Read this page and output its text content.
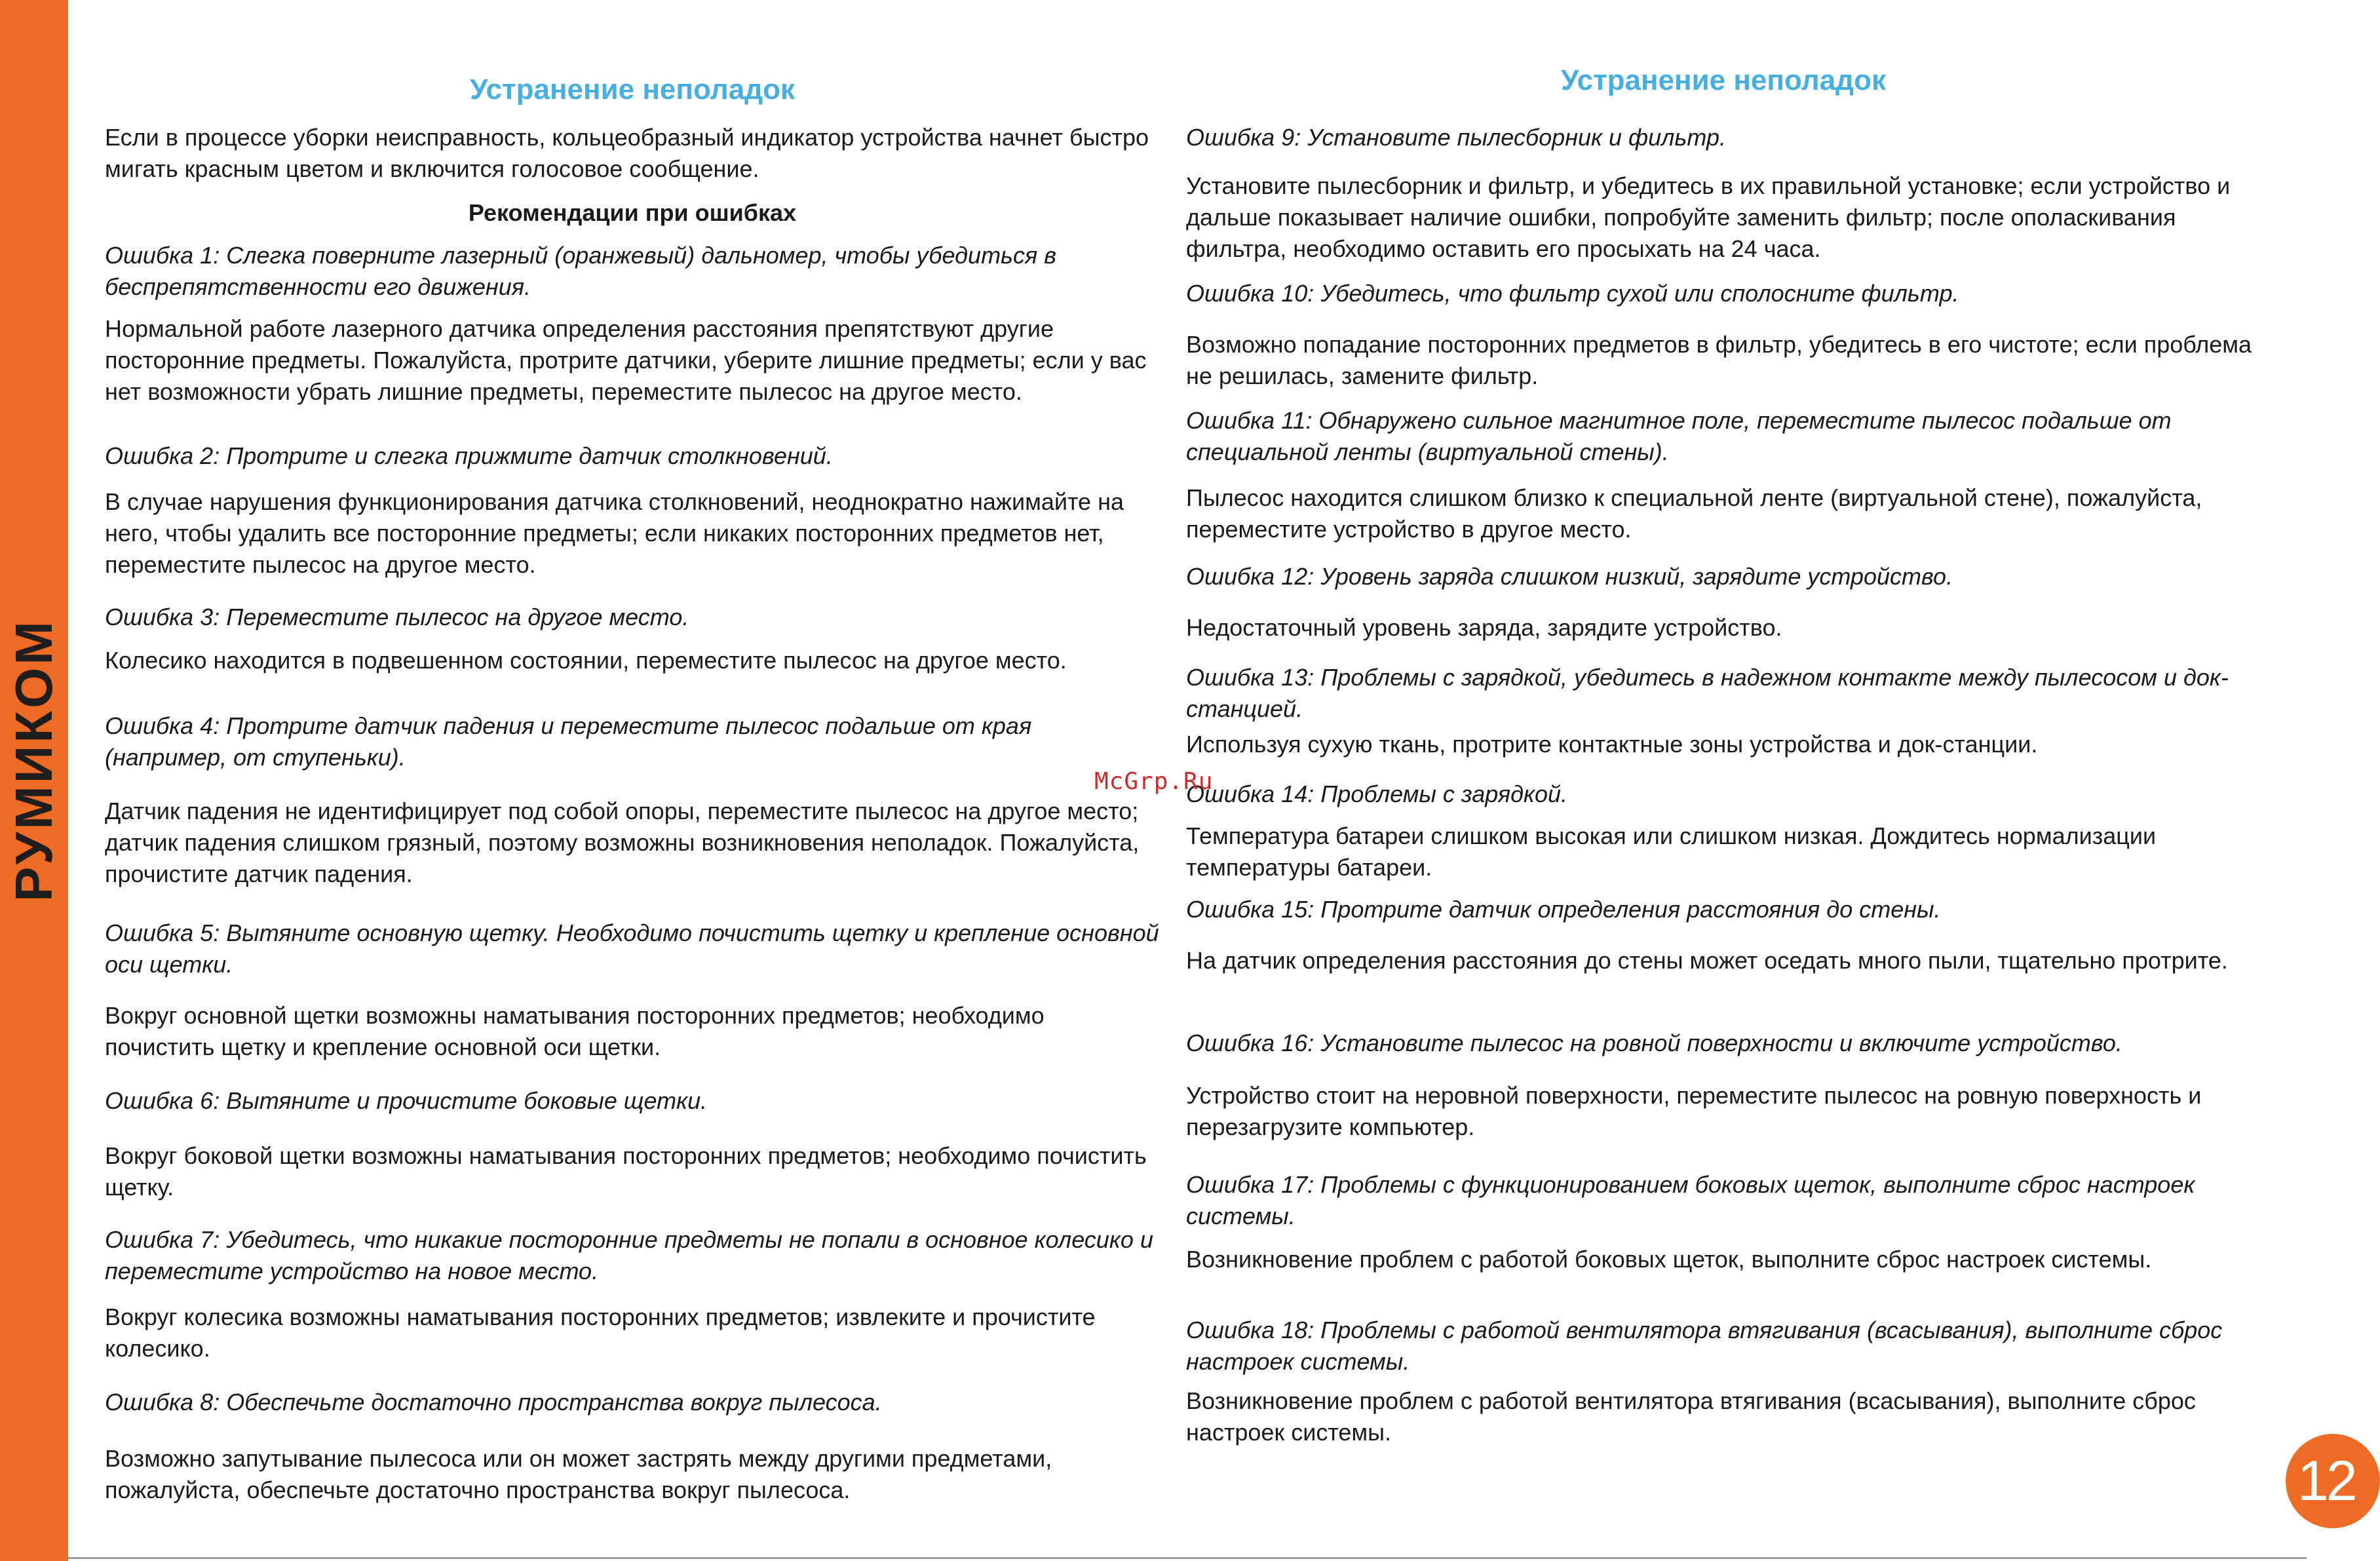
РУМИКОМ
Устранение неполадок

Если в процессе уборки неисправность, кольцеобразный индикатор устройства начнет быстро мигать красным цветом и включится голосовое сообщение.

Рекомендации при ошибках

Ошибка 1: Слегка поверните лазерный (оранжевый) дальномер, чтобы убедиться в беспрепятственности его движения.

Нормальной работе лазерного датчика определения расстояния препятствуют другие посторонние предметы. Пожалуйста, протрите датчики, уберите лишние предметы; если у вас нет возможности убрать лишние предметы, переместите пылесос на другое место.

Ошибка 2: Протрите и слегка прижмите датчик столкновений.

В случае нарушения функционирования датчика столкновений, неоднократно нажимайте на него, чтобы удалить все посторонние предметы; если никаких посторонних предметов нет, переместите пылесос на другое место.

Ошибка 3: Переместите пылесос на другое место.

Колесико находится в подвешенном состоянии, переместите пылесос на другое место.

Ошибка 4: Протрите датчик падения и переместите пылесос подальше от края (например, от ступеньки).

Датчик падения не идентифицирует под собой опоры, переместите пылесос на другое место; датчик падения слишком грязный, поэтому возможны возникновения неполадок. Пожалуйста, прочистите датчик падения.

Ошибка 5: Вытяните основную щетку. Необходимо почистить щетку и крепление основной оси щетки.

Вокруг основной щетки возможны наматывания посторонних предметов; необходимо почистить щетку и крепление основной оси щетки.

Ошибка 6: Вытяните и прочистите боковые щетки.

Вокруг боковой щетки возможны наматывания посторонних предметов; необходимо почистить щетку.

Ошибка 7: Убедитесь, что никакие посторонние предметы не попали в основное колесико и переместите устройство на новое место.

Вокруг колесика возможны наматывания посторонних предметов; извлеките и прочистите колесико.

Ошибка 8: Обеспечьте достаточно пространства вокруг пылесоса.

Возможно запутывание пылесоса или он может застрять между другими предметами, пожалуйста, обеспечьте достаточно пространства вокруг пылесоса.

Устранение неполадок

Ошибка 9: Установите пылесборник и фильтр.

Установите пылесборник и фильтр, и убедитесь в их правильной установке; если устройство и дальше показывает наличие ошибки, попробуйте заменить фильтр; после ополаскивания фильтра, необходимо оставить его просыхать на 24 часа.

Ошибка 10: Убедитесь, что фильтр сухой или сполосните фильтр.

Возможно попадание посторонних предметов в фильтр, убедитесь в его чистоте; если проблема не решилась, замените фильтр.

Ошибка 11: Обнаружено сильное магнитное поле, переместите пылесос подальше от специальной ленты (виртуальной стены).

Пылесос находится слишком близко к специальной ленте (виртуальной стене), пожалуйста, переместите устройство в другое место.

Ошибка 12: Уровень заряда слишком низкий, зарядите устройство.

Недостаточный уровень заряда, зарядите устройство.

Ошибка 13: Проблемы с зарядкой, убедитесь в надежном контакте между пылесосом и док-станцией.

Используя сухую ткань, протрите контактные зоны устройства и док-станции.

Ошибка 14: Проблемы с зарядкой.

Температура батареи слишком высокая или слишком низкая. Дождитесь нормализации температуры батареи.

Ошибка 15: Протрите датчик определения расстояния до стены.

На датчик определения расстояния до стены может оседать много пыли, тщательно протрите.

Ошибка 16: Установите пылесос на ровной поверхности и включите устройство.

Устройство стоит на неровной поверхности, переместите пылесос на ровную поверхность и перезагрузите компьютер.

Ошибка 17: Проблемы с функционированием боковых щеток, выполните сброс настроек системы.

Возникновение проблем с работой боковых щеток, выполните сброс настроек системы.

Ошибка 18: Проблемы с работой вентилятора втягивания (всасывания), выполните сброс настроек системы.

Возникновение проблем с работой вентилятора втягивания (всасывания), выполните сброс настроек системы.

McGrp.Ru
12
